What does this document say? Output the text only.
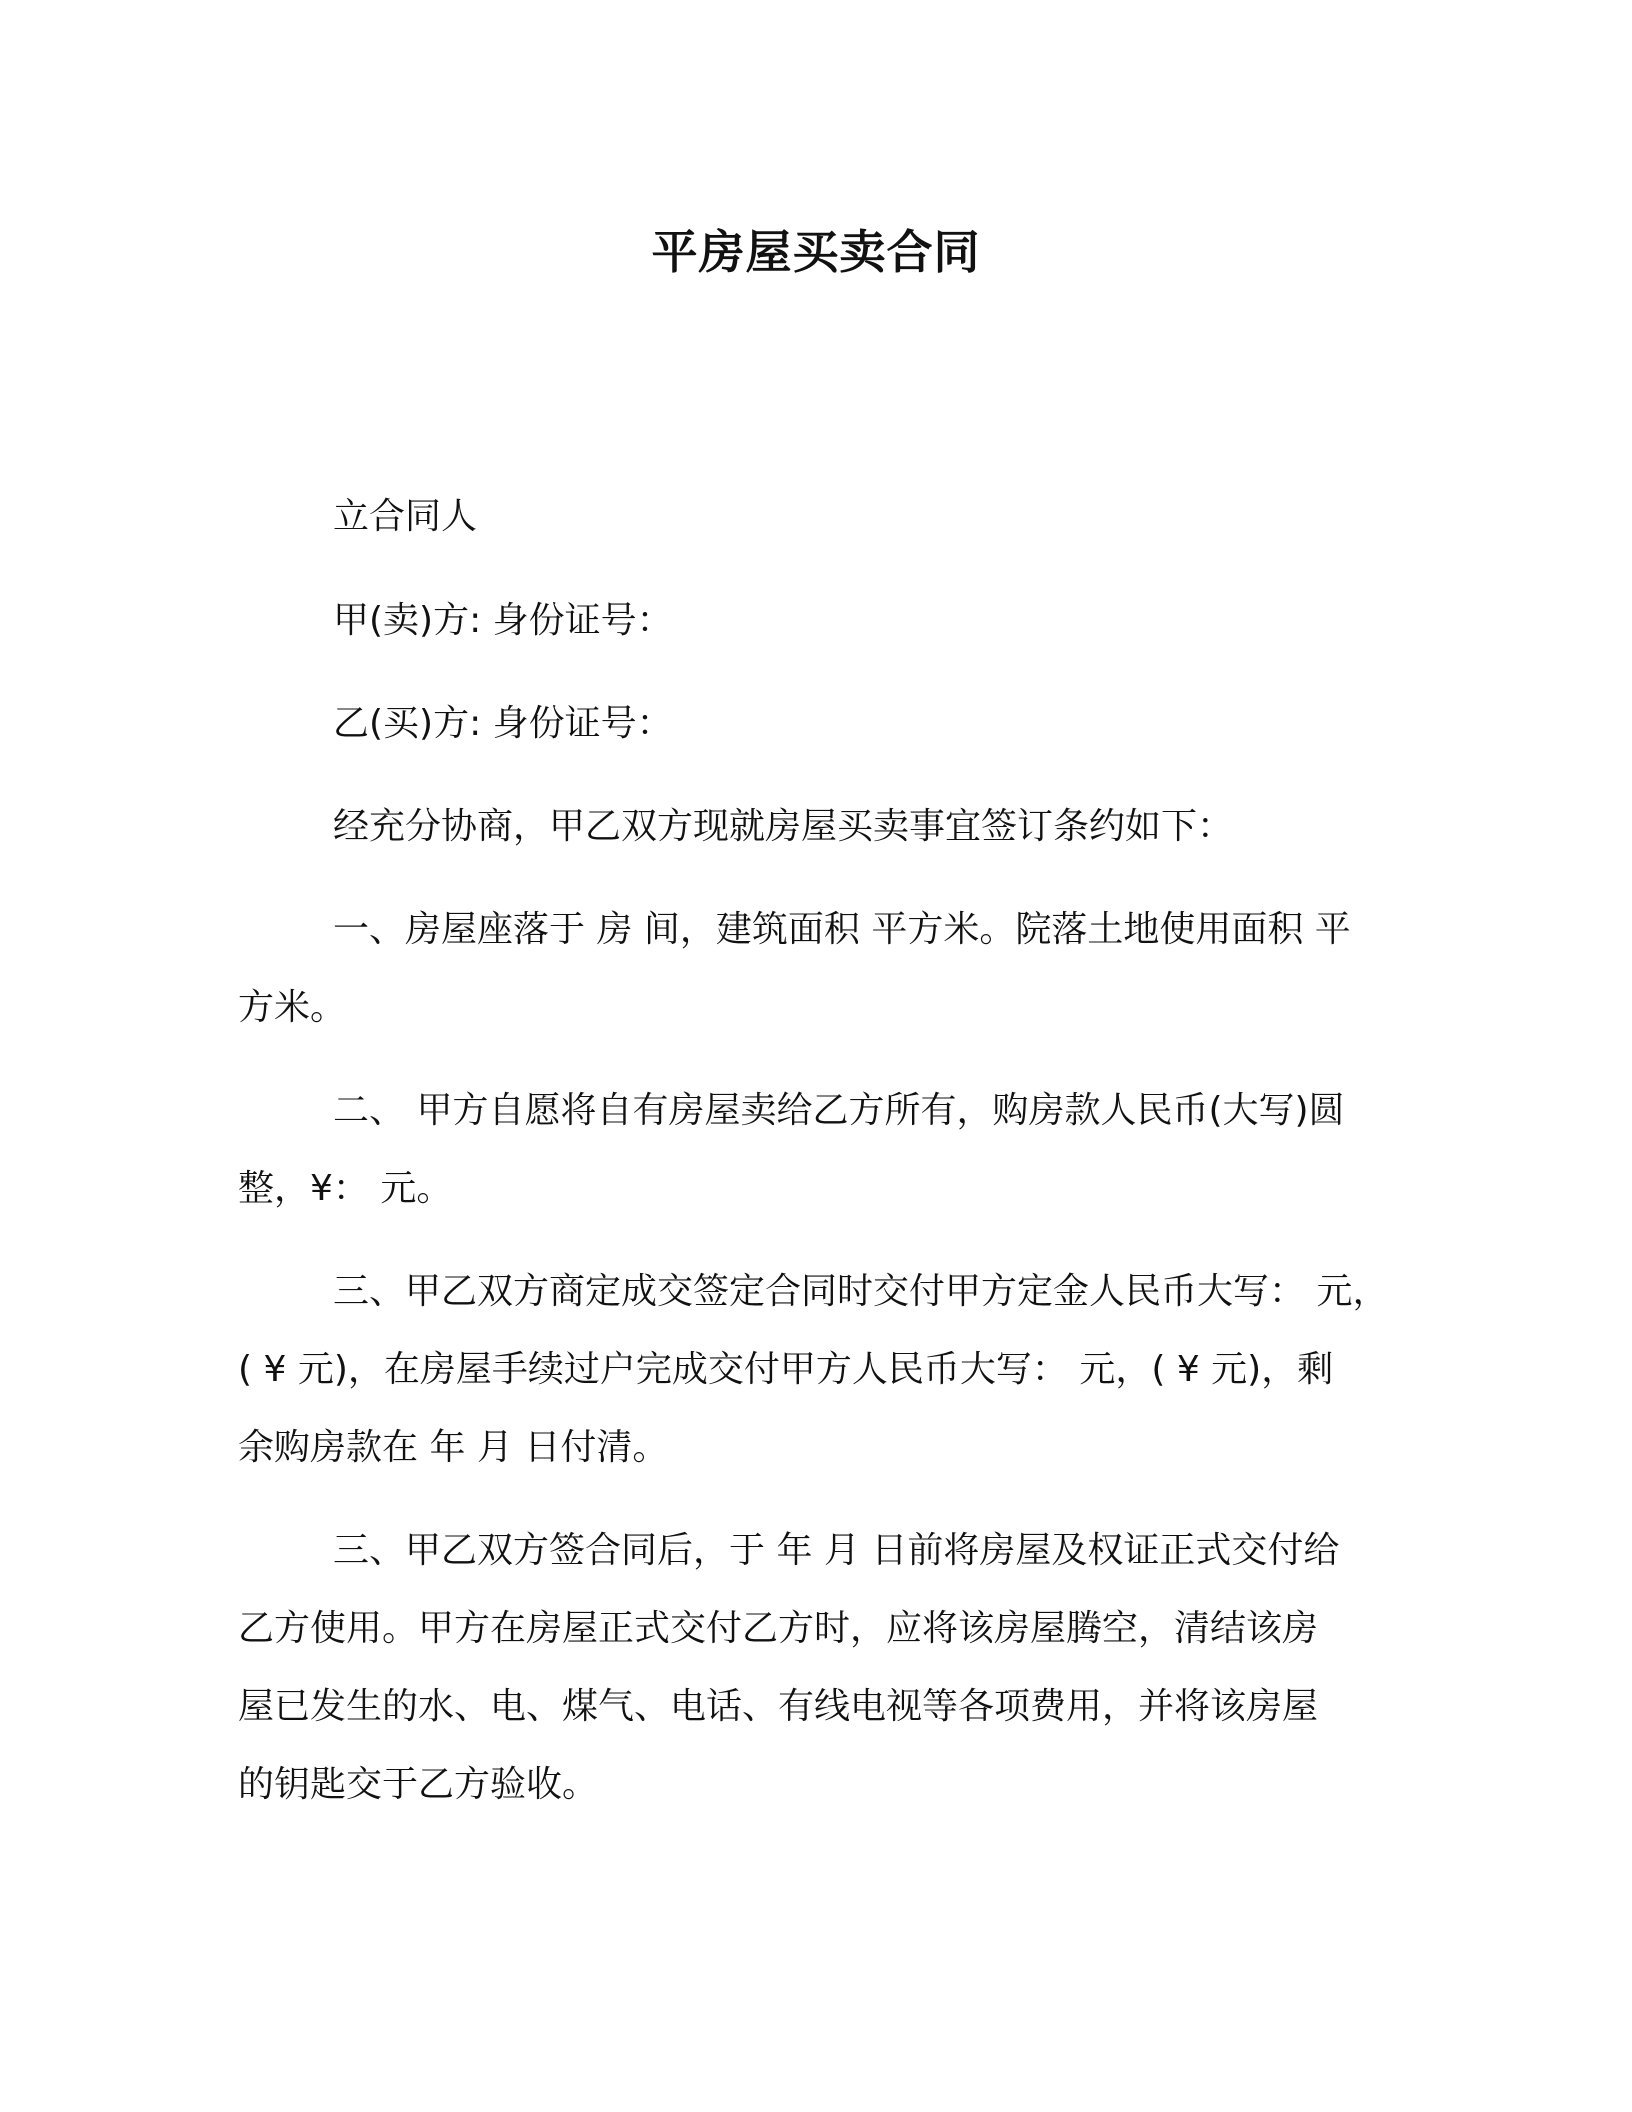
平房屋买卖合同

立合同人

甲(卖)方: 身份证号：

乙(买)方: 身份证号：

经充分协商，甲乙双方现就房屋买卖事宜签订条约如下：

一、房屋座落于 房 间，建筑面积 平方米。院落土地使用面积 平

方米。

二、 甲方自愿将自有房屋卖给乙方所有，购房款人民币(大写)圆

整，¥： 元。

三、甲乙双方商定成交签定合同时交付甲方定金人民币大写： 元，

( ¥ 元)，在房屋手续过户完成交付甲方人民币大写： 元，( ¥ 元)，剩

余购房款在 年 月 日付清。

三、甲乙双方签合同后，于 年 月 日前将房屋及权证正式交付给

乙方使用。甲方在房屋正式交付乙方时，应将该房屋腾空，清结该房

屋已发生的水、电、煤气、电话、有线电视等各项费用，并将该房屋

的钥匙交于乙方验收。
